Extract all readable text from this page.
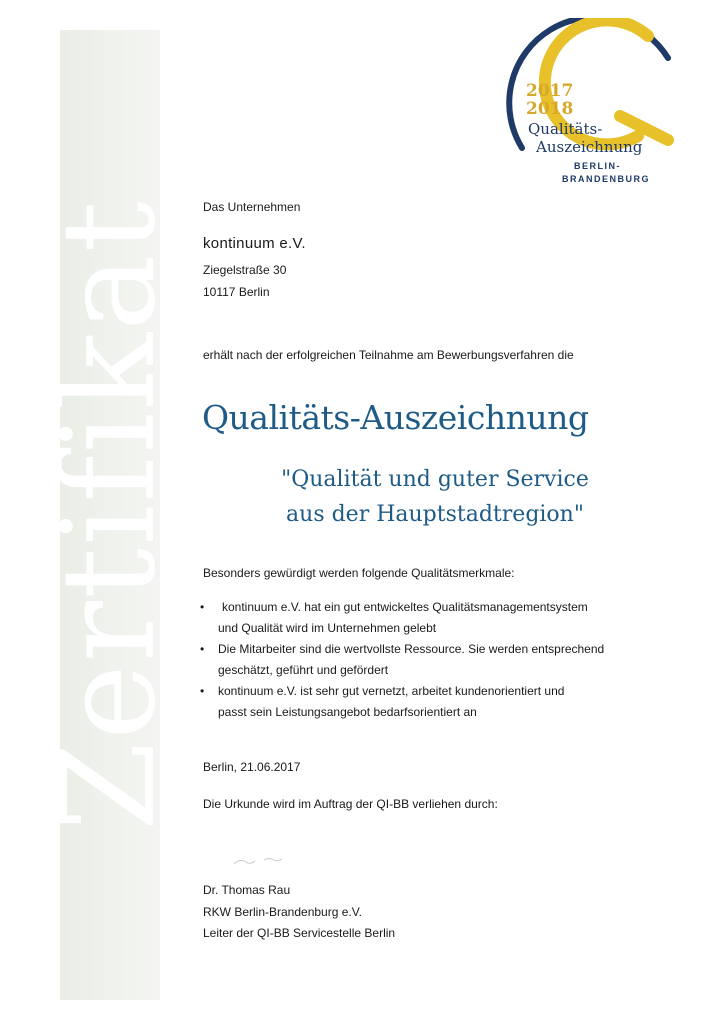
Zertifikat
2017
2018
Qualitäts-
Auszeichnung
BERLIN-
BRANDENBURG
Das Unternehmen
kontinuum e.V.
Ziegelstraße 30
10117 Berlin
erhält nach der erfolgreichen Teilnahme am Bewerbungsverfahren die
Qualitäts-Auszeichnung
"Qualität und guter Service
aus der Hauptstadtregion"
Besonders gewürdigt werden folgende Qualitätsmerkmale:
• kontinuum e.V. hat ein gut entwickeltes Qualitätsmanagementsystem
und Qualität wird im Unternehmen gelebt
• Die Mitarbeiter sind die wertvollste Ressource. Sie werden entsprechend
geschätzt, geführt und gefördert
• kontinuum e.V. ist sehr gut vernetzt, arbeitet kundenorientiert und
passt sein Leistungsangebot bedarfsorientiert an
Berlin, 21.06.2017
Die Urkunde wird im Auftrag der QI-BB verliehen durch:
Dr. Thomas Rau
RKW Berlin-Brandenburg e.V.
Leiter der QI-BB Servicestelle Berlin
